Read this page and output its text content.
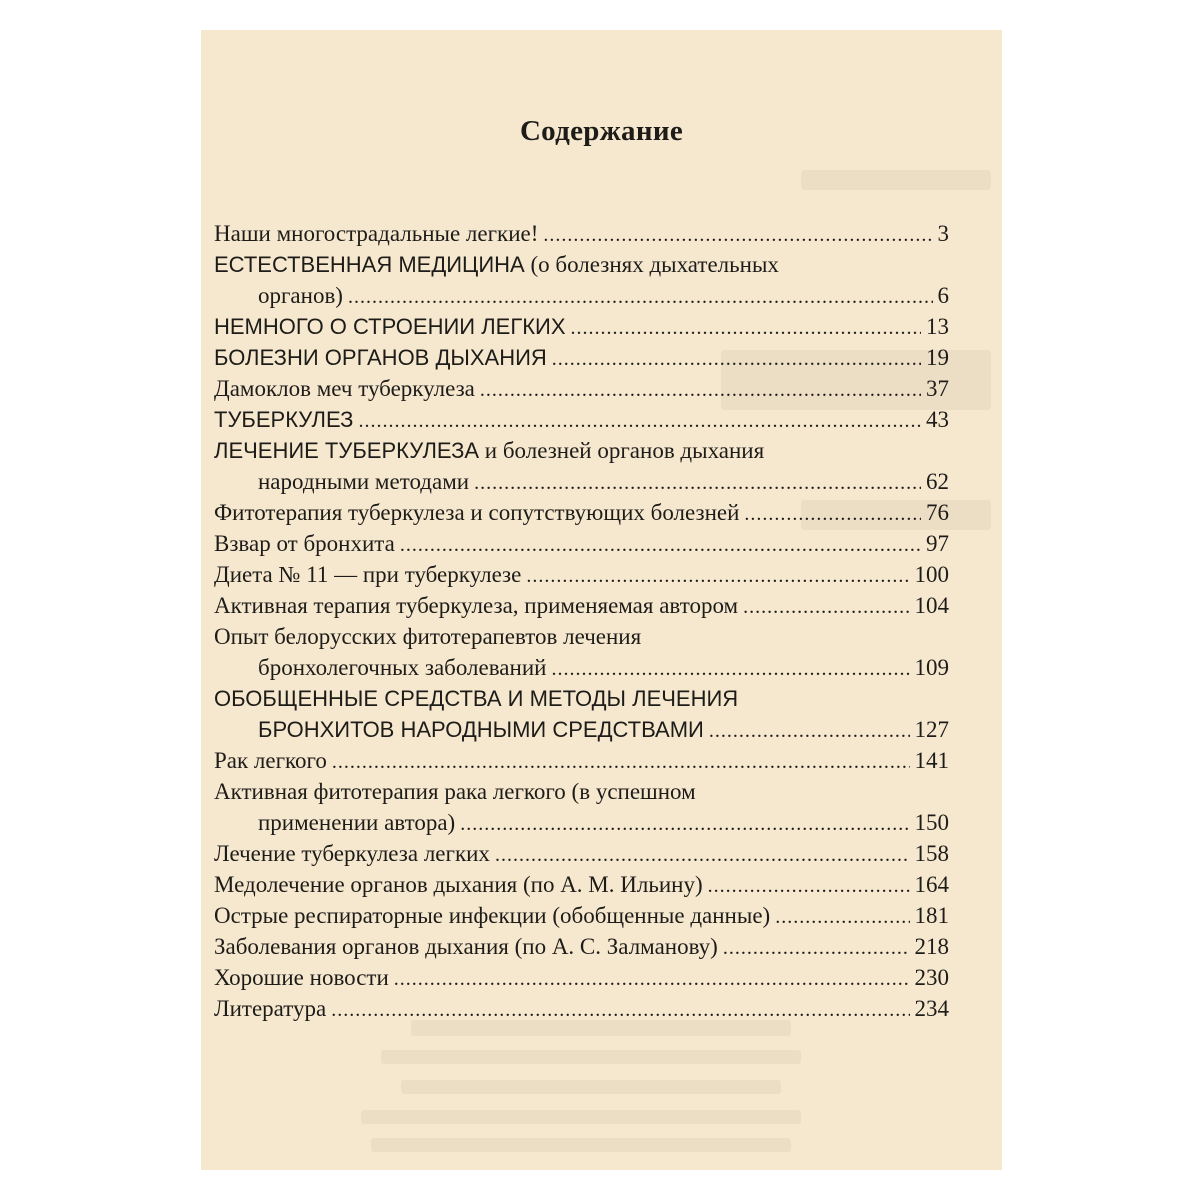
Содержание
Наши многострадальные легкие! .....	3
ЕСТЕСТВЕННАЯ МЕДИЦИНА (о болезнях дыхательных
органов) .....	6
НЕМНОГО О СТРОЕНИИ ЛЕГКИХ .....	13
БОЛЕЗНИ ОРГАНОВ ДЫХАНИЯ .....	19
Дамоклов меч туберкулеза .....	37
ТУБЕРКУЛЕЗ .....	43
ЛЕЧЕНИЕ ТУБЕРКУЛЕЗА и болезней органов дыхания
народными методами .....	62
Фитотерапия туберкулеза и сопутствующих болезней .....	76
Взвар от бронхита .....	97
Диета № 11 — при туберкулезе .....	100
Активная терапия туберкулеза, применяемая автором .....	104
Опыт белорусских фитотерапевтов лечения
бронхолегочных заболеваний .....	109
ОБОБЩЕННЫЕ СРЕДСТВА И МЕТОДЫ ЛЕЧЕНИЯ
БРОНХИТОВ НАРОДНЫМИ СРЕДСТВАМИ .....	127
Рак легкого .....	141
Активная фитотерапия рака легкого (в успешном
применении автора) .....	150
Лечение туберкулеза легких .....	158
Медолечение органов дыхания (по А. М. Ильину) .....	164
Острые респираторные инфекции (обобщенные данные) .....	181
Заболевания органов дыхания (по А. С. Залманову) .....	218
Хорошие новости .....	230
Литература .....	234
